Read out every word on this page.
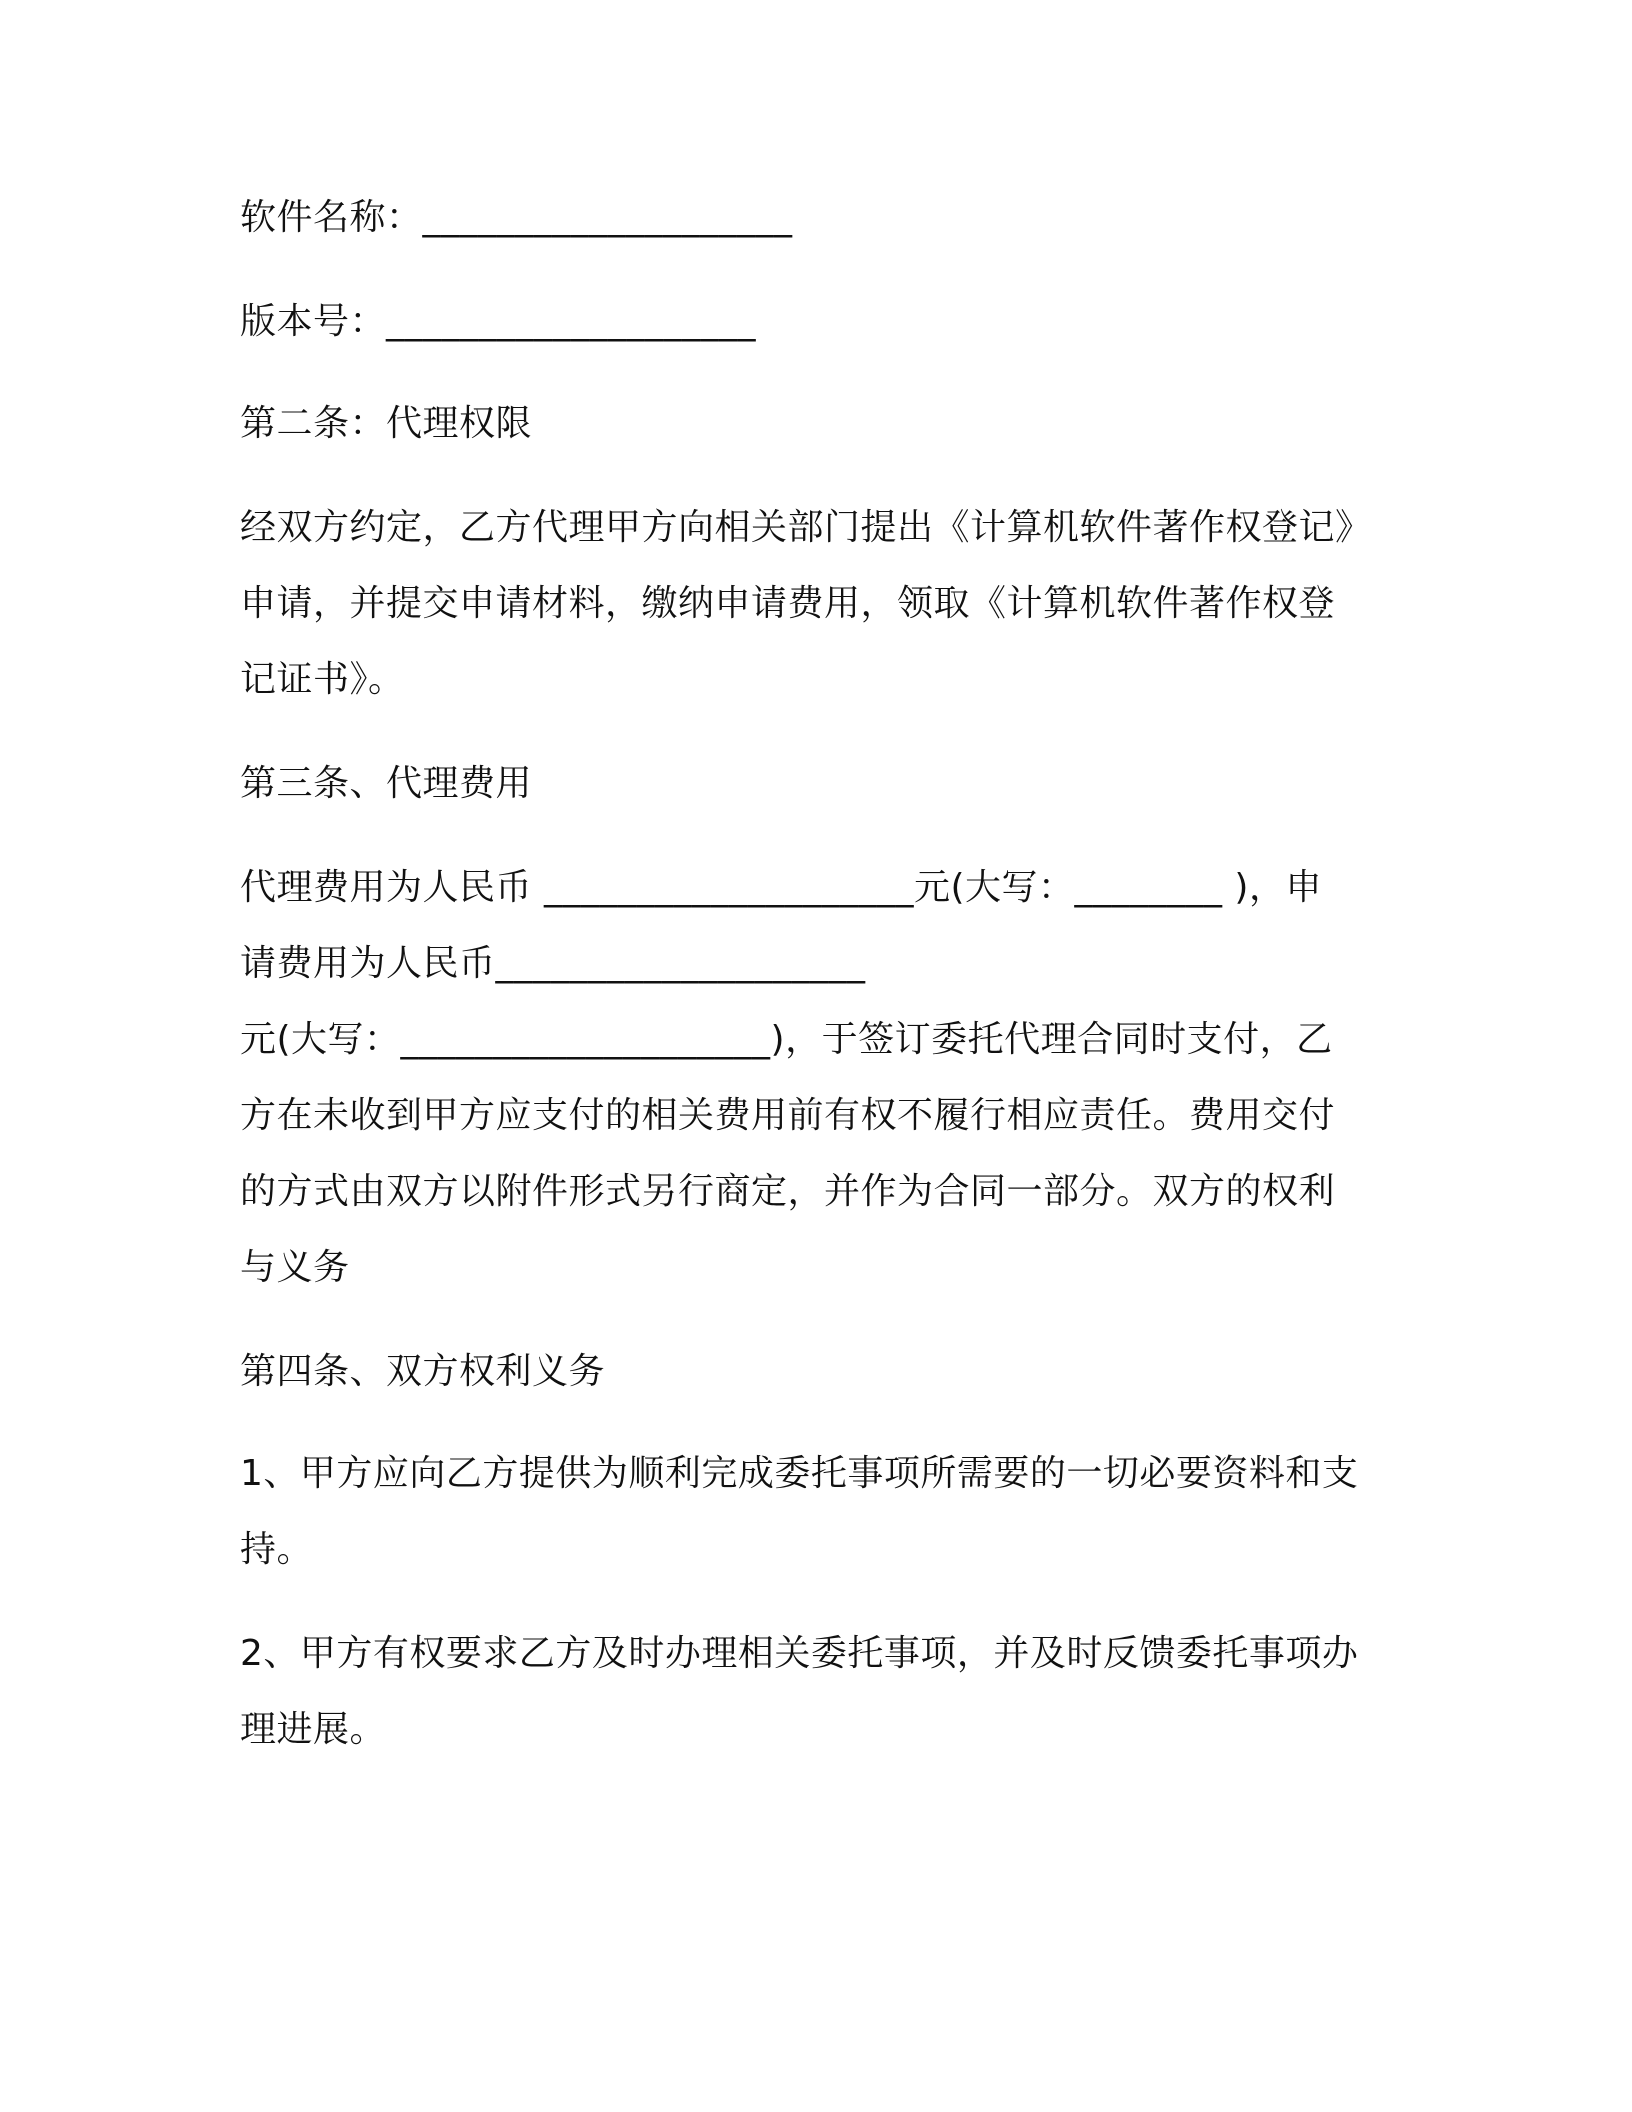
软件名称：____________________
版本号：____________________
第二条：代理权限
经双方约定，乙方代理甲方向相关部门提出《计算机软件著作权登记》
申请，并提交申请材料，缴纳申请费用，领取《计算机软件著作权登
记证书》。
第三条、代理费用
代理费用为人民币 ____________________元(大写：________ )，申
请费用为人民币____________________
元(大写：____________________)，于签订委托代理合同时支付，乙
方在未收到甲方应支付的相关费用前有权不履行相应责任。费用交付
的方式由双方以附件形式另行商定，并作为合同一部分。双方的权利
与义务
第四条、双方权利义务
1、甲方应向乙方提供为顺利完成委托事项所需要的一切必要资料和支
持。
2、甲方有权要求乙方及时办理相关委托事项，并及时反馈委托事项办
理进展。
